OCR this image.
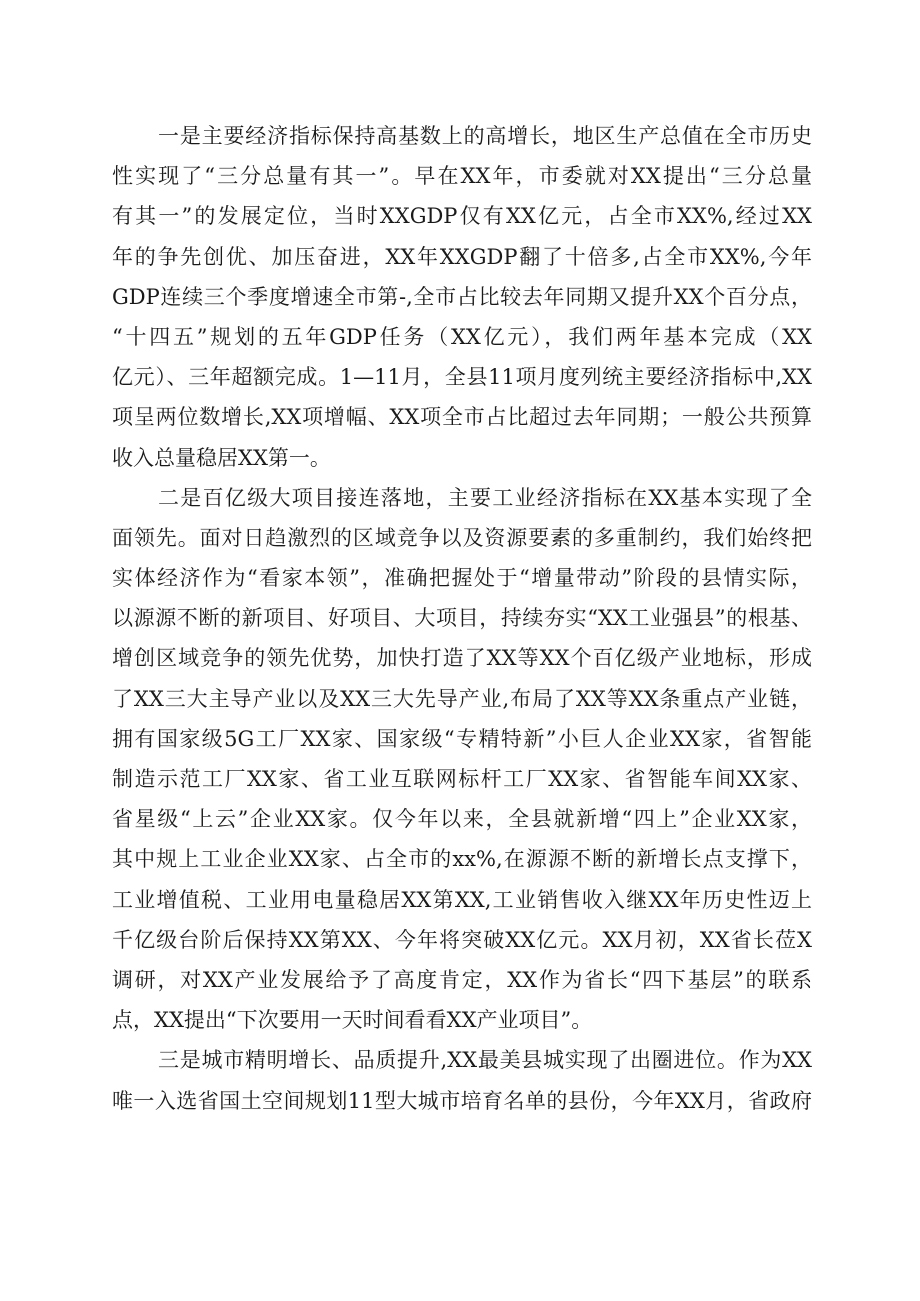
一是主要经济指标保持高基数上的高增长，地区生产总值在全市历史
性实现了“三分总量有其一”。早在XX年，市委就对XX提出“三分总量
有其一”的发展定位，当时XXGDP仅有XX亿元，占全市XX%,经过XX
年的争先创优、加压奋进，XX年XXGDP翻了十倍多,占全市XX%,今年
GDP连续三个季度增速全市第-,全市占比较去年同期又提升XX个百分点，
“十四五”规划的五年GDP任务（XX亿元），我们两年基本完成（XX
亿元）、三年超额完成。1—11月，全县11项月度列统主要经济指标中,XX
项呈两位数增长,XX项增幅、XX项全市占比超过去年同期；一般公共预算
收入总量稳居XX第一。
二是百亿级大项目接连落地，主要工业经济指标在XX基本实现了全
面领先。面对日趋激烈的区域竞争以及资源要素的多重制约，我们始终把
实体经济作为“看家本领”，准确把握处于“增量带动”阶段的县情实际，
以源源不断的新项目、好项目、大项目，持续夯实“XX工业强县”的根基、
增创区域竞争的领先优势，加快打造了XX等XX个百亿级产业地标，形成
了XX三大主导产业以及XX三大先导产业,布局了XX等XX条重点产业链，
拥有国家级5G工厂XX家、国家级“专精特新”小巨人企业XX家，省智能
制造示范工厂XX家、省工业互联网标杆工厂XX家、省智能车间XX家、
省星级“上云”企业XX家。仅今年以来，全县就新增“四上”企业XX家，
其中规上工业企业XX家、占全市的xx%,在源源不断的新增长点支撑下，
工业增值税、工业用电量稳居XX第XX,工业销售收入继XX年历史性迈上
千亿级台阶后保持XX第XX、今年将突破XX亿元。XX月初，XX省长莅X
调研，对XX产业发展给予了高度肯定，XX作为省长“四下基层”的联系
点，XX提出“下次要用一天时间看看XX产业项目”。
三是城市精明增长、品质提升,XX最美县城实现了出圈进位。作为XX
唯一入选省国土空间规划11型大城市培育名单的县份，今年XX月，省政府
